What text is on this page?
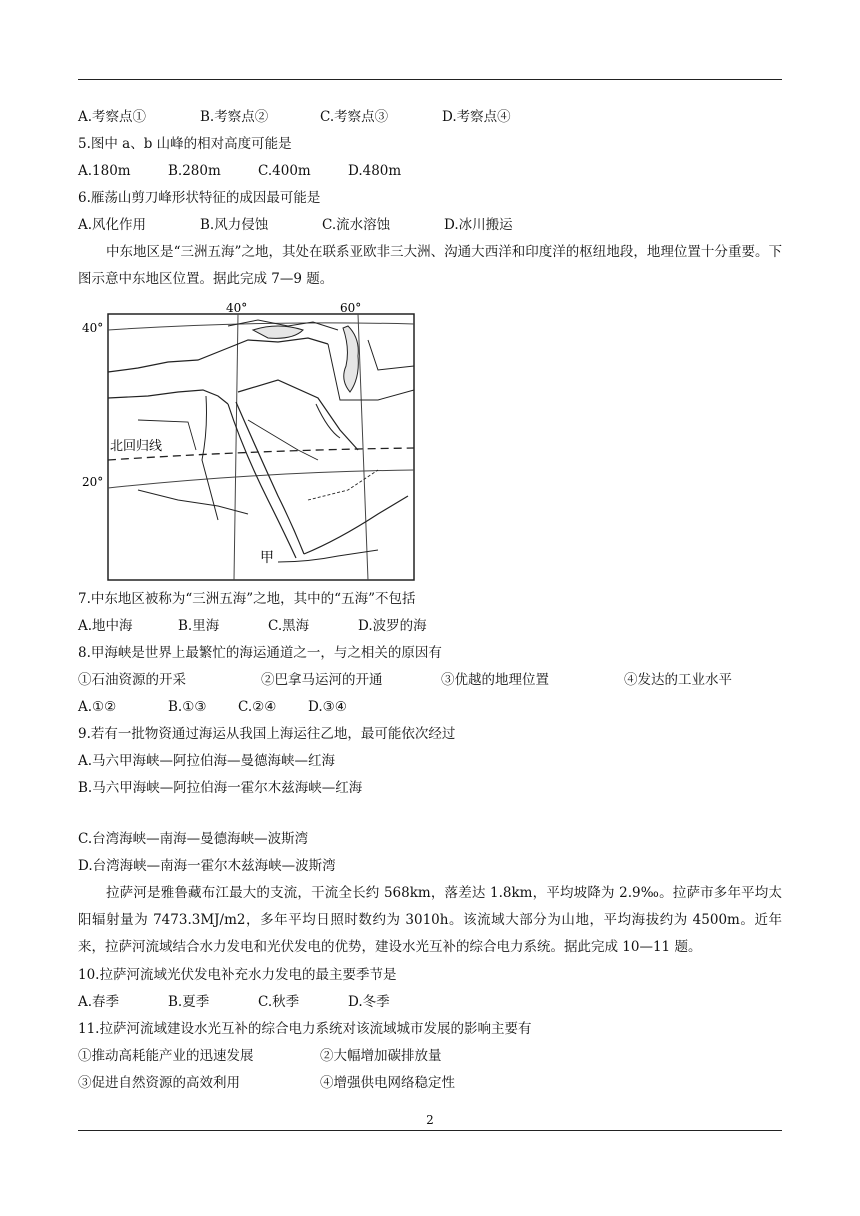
A.考察点①	B.考察点②	C.考察点③	D.考察点④
5.图中 a、b 山峰的相对高度可能是
A.180m	B.280m	C.400m	D.480m
6.雁荡山剪刀峰形状特征的成因最可能是
A.风化作用	B.风力侵蚀	C.流水溶蚀	D.冰川搬运
中东地区是“三洲五海”之地，其处在联系亚欧非三大洲、沟通大西洋和印度洋的枢纽地段，地理位置十分重要。下图示意中东地区位置。据此完成 7—9 题。
40°	60°
40°
20°
北回归线
甲
7.中东地区被称为“三洲五海”之地，其中的“五海”不包括
A.地中海	B.里海	C.黑海	D.波罗的海
8.甲海峡是世界上最繁忙的海运通道之一，与之相关的原因有
①石油资源的开采	②巴拿马运河的开通	③优越的地理位置	④发达的工业水平
A.①②	B.①③ C.②④ D.③④
9.若有一批物资通过海运从我国上海运往乙地，最可能依次经过
A.马六甲海峡—阿拉伯海—曼德海峡—红海
B.马六甲海峡—阿拉伯海一霍尔木兹海峡—红海
C.台湾海峡—南海—曼德海峡—波斯湾
D.台湾海峡—南海一霍尔木兹海峡—波斯湾
拉萨河是雅鲁藏布江最大的支流，干流全长约 568km，落差达 1.8km，平均坡降为 2.9‰。拉萨市多年平均太阳辐射量为 7473.3MJ/m2，多年平均日照时数约为 3010h。该流域大部分为山地，平均海拔约为 4500m。近年来，拉萨河流域结合水力发电和光伏发电的优势，建设水光互补的综合电力系统。据此完成 10—11 题。
10.拉萨河流域光伏发电补充水力发电的最主要季节是
A.春季	B.夏季	C.秋季	D.冬季
11.拉萨河流域建设水光互补的综合电力系统对该流域城市发展的影响主要有
①推动高耗能产业的迅速发展	②大幅增加碳排放量
③促进自然资源的高效利用	④增强供电网络稳定性
2
